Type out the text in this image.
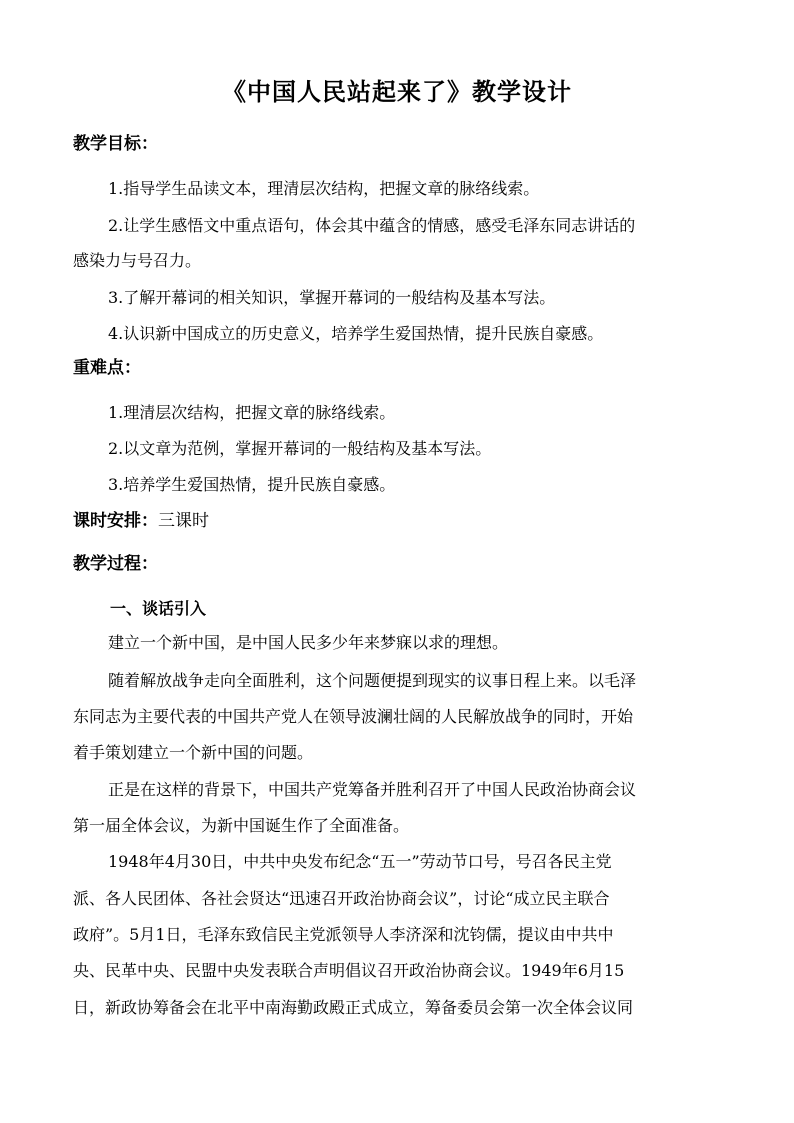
《中国人民站起来了》教学设计
教学目标：
1.指导学生品读文本，理清层次结构，把握文章的脉络线索。
2.让学生感悟文中重点语句，体会其中蕴含的情感，感受毛泽东同志讲话的
感染力与号召力。
3.了解开幕词的相关知识，掌握开幕词的一般结构及基本写法。
4.认识新中国成立的历史意义，培养学生爱国热情，提升民族自豪感。
重难点：
1.理清层次结构，把握文章的脉络线索。
2.以文章为范例，掌握开幕词的一般结构及基本写法。
3.培养学生爱国热情，提升民族自豪感。
课时安排：三课时
教学过程：
一、谈话引入
建立一个新中国，是中国人民多少年来梦寐以求的理想。
随着解放战争走向全面胜利，这个问题便提到现实的议事日程上来。以毛泽
东同志为主要代表的中国共产党人在领导波澜壮阔的人民解放战争的同时，开始
着手策划建立一个新中国的问题。
正是在这样的背景下，中国共产党筹备并胜利召开了中国人民政治协商会议
第一届全体会议，为新中国诞生作了全面准备。
1948年4月30日，中共中央发布纪念“五一”劳动节口号，号召各民主党
派、各人民团体、各社会贤达“迅速召开政治协商会议”，讨论“成立民主联合
政府”。5月1日，毛泽东致信民主党派领导人李济深和沈钧儒，提议由中共中
央、民革中央、民盟中央发表联合声明倡议召开政治协商会议。1949年6月15
日，新政协筹备会在北平中南海勤政殿正式成立，筹备委员会第一次全体会议同
